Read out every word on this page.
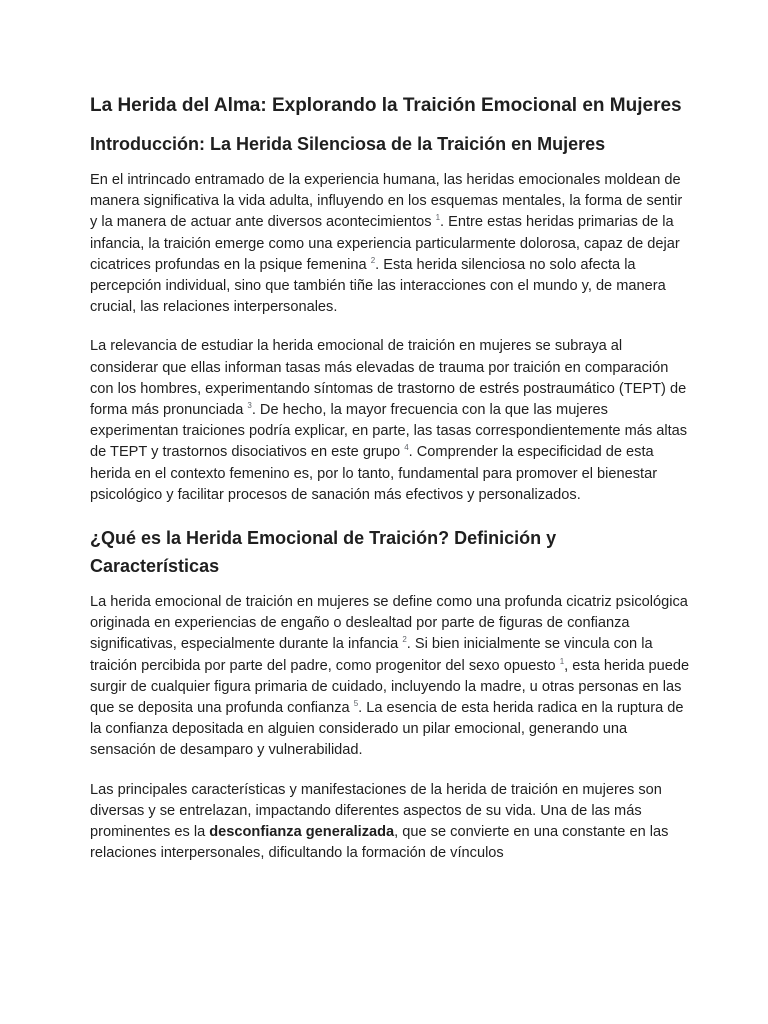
La Herida del Alma: Explorando la Traición Emocional en Mujeres
Introducción: La Herida Silenciosa de la Traición en Mujeres

En el intrincado entramado de la experiencia humana, las heridas emocionales moldean de manera significativa la vida adulta, influyendo en los esquemas mentales, la forma de sentir y la manera de actuar ante diversos acontecimientos $^1$. Entre estas heridas primarias de la infancia, la traición emerge como una experiencia particularmente dolorosa, capaz de dejar cicatrices profundas en la psique femenina $^2$. Esta herida silenciosa no solo afecta la percepción individual, sino que también tiñe las interacciones con el mundo y, de manera crucial, las relaciones interpersonales.

La relevancia de estudiar la herida emocional de traición en mujeres se subraya al considerar que ellas informan tasas más elevadas de trauma por traición en comparación con los hombres, experimentando síntomas de trastorno de estrés postraumático (TEPT) de forma más pronunciada $^3$. De hecho, la mayor frecuencia con la que las mujeres experimentan traiciones podría explicar, en parte, las tasas correspondientemente más altas de TEPT y trastornos disociativos en este grupo $^4$. Comprender la especificidad de esta herida en el contexto femenino es, por lo tanto, fundamental para promover el bienestar psicológico y facilitar procesos de sanación más efectivos y personalizados.

¿Qué es la Herida Emocional de Traición? Definición y Características

La herida emocional de traición en mujeres se define como una profunda cicatriz psicológica originada en experiencias de engaño o deslealtad por parte de figuras de confianza significativas, especialmente durante la infancia $^2$. Si bien inicialmente se vincula con la traición percibida por parte del padre, como progenitor del sexo opuesto $^1$, esta herida puede surgir de cualquier figura primaria de cuidado, incluyendo la madre, u otras personas en las que se deposita una profunda confianza $^5$. La esencia de esta herida radica en la ruptura de la confianza depositada en alguien considerado un pilar emocional, generando una sensación de desamparo y vulnerabilidad.

Las principales características y manifestaciones de la herida de traición en mujeres son diversas y se entrelazan, impactando diferentes aspectos de su vida. Una de las más prominentes es la desconfianza generalizada, que se convierte en una constante en las relaciones interpersonales, dificultando la formación de vínculos
